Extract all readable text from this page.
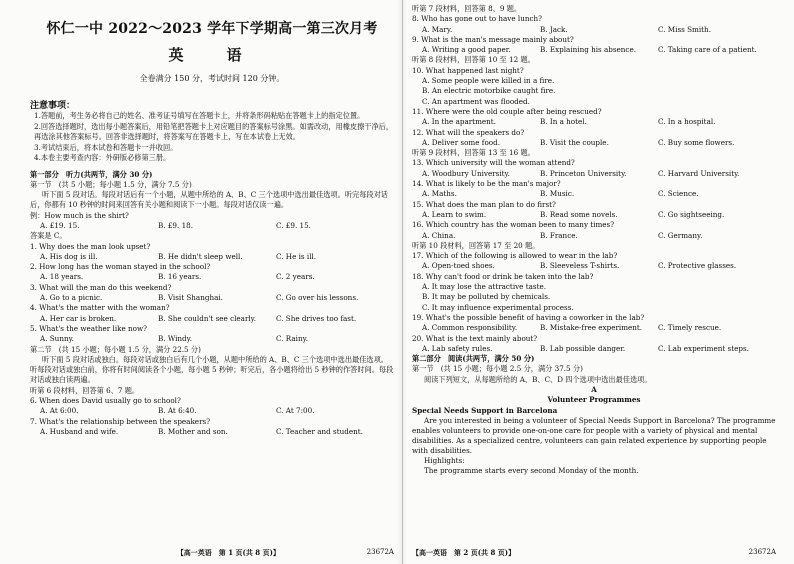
怀仁一中 2022～2023 学年下学期高一第三次月考
英　语
全卷满分 150 分，考试时间 120 分钟。
注意事项：

1.答题前，考生务必将自己的姓名、准考证号填写在答题卡上，并将条形码粘贴在答题卡上的指定位置。

2.回答选择题时，选出每小题答案后，用铅笔把答题卡上对应题目的答案标号涂黑。如需改动，用橡皮擦干净后，再选涂其他答案标号。回答非选择题时，将答案写在答题卡上，写在本试卷上无效。

3.考试结束后，将本试卷和答题卡一并收回。

4.本卷主要考查内容：外研版必修第三册。

第一部分　听力(共两节，满分 30 分)
第一节　(共 5 小题；每小题 1.5 分，满分 7.5 分)
听下面 5 段对话。每段对话后有一个小题，从题中所给的 A、B、C 三个选项中选出最佳选项。听完每段对话后，你都有 10 秒钟的时间来回答有关小题和阅读下一小题。每段对话仅读一遍。
例：How much is the shirt?
A. £19. 15.	B. £9. 18.	C. £9. 15.
答案是 C。
1. Why does the man look upset?
A. His dog is ill.	B. He didn't sleep well.	C. He is ill.
2. How long has the woman stayed in the school?
A. 18 years.	B. 16 years.	C. 2 years.
3. What will the man do this weekend?
A. Go to a picnic.	B. Visit Shanghai.	C. Go over his lessons.
4. What's the matter with the woman?
A. Her car is broken.	B. She couldn't see clearly.	C. She drives too fast.
5. What's the weather like now?
A. Sunny.	B. Windy.	C. Rainy.
第二节　(共 15 小题；每小题 1.5 分，满分 22.5 分)
听下面 5 段对话或独白。每段对话或独白后有几个小题，从题中所给的 A、B、C 三个选项中选出最佳选项。听每段对话或独白前，你将有时间阅读各个小题，每小题 5 秒钟；听完后，各小题将给出 5 秒钟的作答时间。每段对话或独白读两遍。
听第 6 段材料，回答第 6、7 题。
6. When does David usually go to school?
A. At 6:00.	B. At 6:40.	C. At 7:00.
7. What's the relationship between the speakers?
A. Husband and wife.	B. Mother and son.	C. Teacher and student.
【高一英语　第 1 页(共 8 页)】	23672A
听第 7 段材料，回答第 8、9 题。
8. Who has gone out to have lunch?
A. Mary.	B. Jack.	C. Miss Smith.
9. What is the man's message mainly about?
A. Writing a good paper.	B. Explaining his absence.	C. Taking care of a patient.
听第 8 段材料，回答第 10 至 12 题。
10. What happened last night?
A. Some people were killed in a fire.
B. An electric motorbike caught fire.
C. An apartment was flooded.
11. Where were the old couple after being rescued?
A. In the apartment.	B. In a hotel.	C. In a hospital.
12. What will the speakers do?
A. Deliver some food.	B. Visit the couple.	C. Buy some flowers.
听第 9 段材料，回答第 13 至 16 题。
13. Which university will the woman attend?
A. Woodbury University.	B. Princeton University.	C. Harvard University.
14. What is likely to be the man's major?
A. Maths.	B. Music.	C. Science.
15. What does the man plan to do first?
A. Learn to swim.	B. Read some novels.	C. Go sightseeing.
16. Which country has the woman been to many times?
A. China.	B. France.	C. Germany.
听第 10 段材料，回答第 17 至 20 题。
17. Which of the following is allowed to wear in the lab?
A. Open-toed shoes.	B. Sleeveless T-shirts.	C. Protective glasses.
18. Why can't food or drink be taken into the lab?
A. It may lose the attractive taste.
B. It may be polluted by chemicals.
C. It may influence experimental process.
19. What's the possible benefit of having a coworker in the lab?
A. Common responsibility.	B. Mistake-free experiment.	C. Timely rescue.
20. What is the text mainly about?
A. Lab safety rules.	B. Lab possible danger.	C. Lab experiment steps.
第二部分　阅读(共两节，满分 50 分)
第一节　(共 15 小题；每小题 2.5 分，满分 37.5 分)
阅读下列短文，从每题所给的 A、B、C、D 四个选项中选出最佳选项。
A
Volunteer Programmes
Special Needs Support in Barcelona
Are you interested in being a volunteer of Special Needs Support in Barcelona? The programme enables volunteers to provide one-on-one care for people with a variety of physical and mental disabilities. As a specialized centre, volunteers can gain related experience by supporting people with disabilities.
Highlights:
The programme starts every second Monday of the month.
【高一英语　第 2 页(共 8 页)】	23672A
